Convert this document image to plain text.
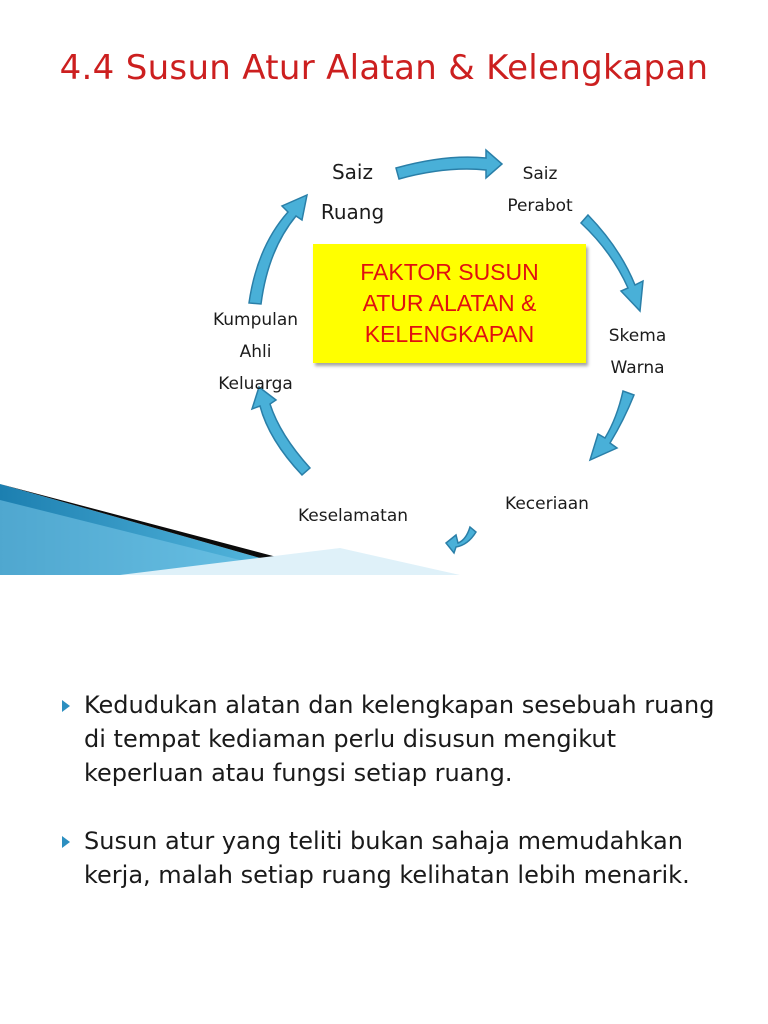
4.4 Susun Atur Alatan & Kelengkapan
FAKTOR SUSUN
ATUR ALATAN &
KELENGKAPAN
Saiz
Ruang
Saiz
Perabot
Skema
Warna
Keceriaan
Keselamatan
Kumpulan
Ahli
Keluarga
Kedudukan alatan dan kelengkapan sesebuah ruang di tempat kediaman perlu disusun mengikut keperluan atau fungsi setiap ruang.
Susun atur yang teliti bukan sahaja memudahkan kerja, malah setiap ruang kelihatan lebih menarik.
